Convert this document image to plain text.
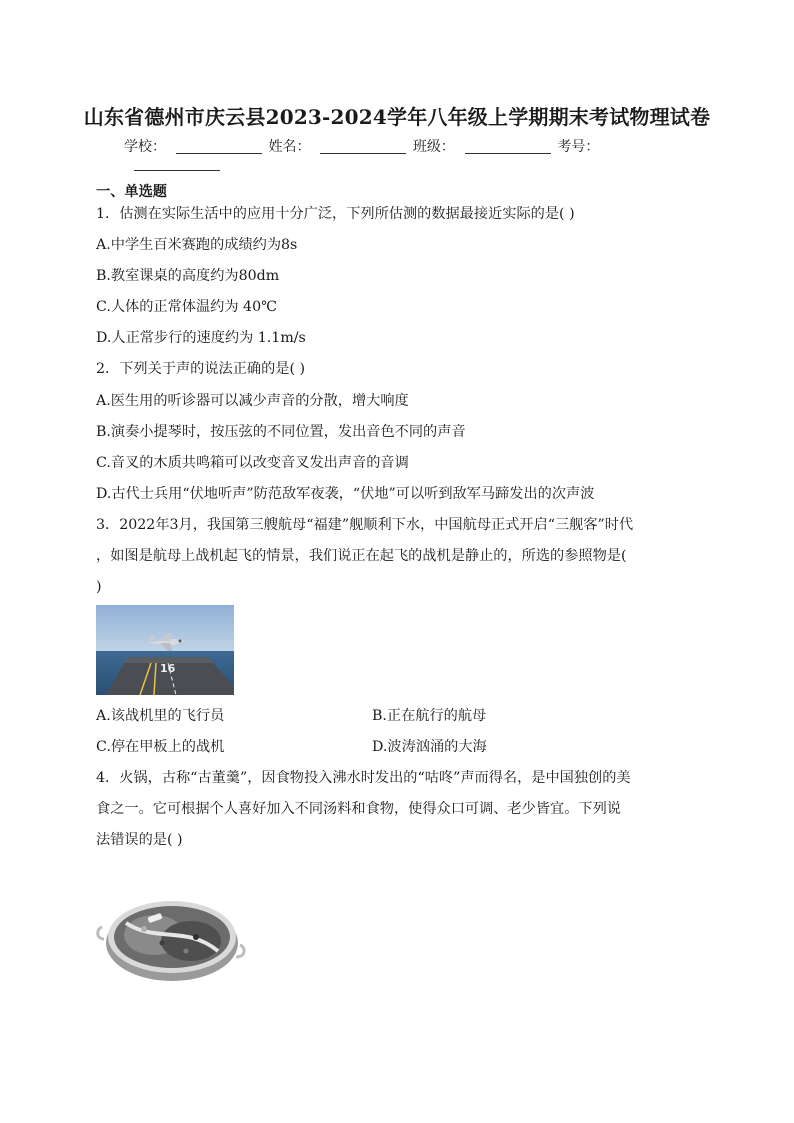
山东省德州市庆云县2023-2024学年八年级上学期期末考试物理试卷
学校：	姓名：	班级：	考号：
一、单选题
1．估测在实际生活中的应用十分广泛，下列所估测的数据最接近实际的是( )
A.中学生百米赛跑的成绩约为8s
B.教室课桌的高度约为80dm
C.人体的正常体温约为 40℃
D.人正常步行的速度约为 1.1m/s
2．下列关于声的说法正确的是( )
A.医生用的听诊器可以减少声音的分散，增大响度
B.演奏小提琴时，按压弦的不同位置，发出音色不同的声音
C.音叉的木质共鸣箱可以改变音叉发出声音的音调
D.古代士兵用“伏地听声”防范敌军夜袭，“伏地”可以听到敌军马蹄发出的次声波
3．2022年3月，我国第三艘航母“福建”舰顺利下水，中国航母正式开启“三舰客”时代
，如图是航母上战机起飞的情景，我们说正在起飞的战机是静止的，所选的参照物是(
)
16
A.该战机里的飞行员	B.正在航行的航母
C.停在甲板上的战机	D.波涛汹涌的大海
4．火锅，古称“古董羹”，因食物投入沸水时发出的“咕咚”声而得名，是中国独创的美
食之一。它可根据个人喜好加入不同汤料和食物，使得众口可调、老少皆宜。下列说
法错误的是( )
